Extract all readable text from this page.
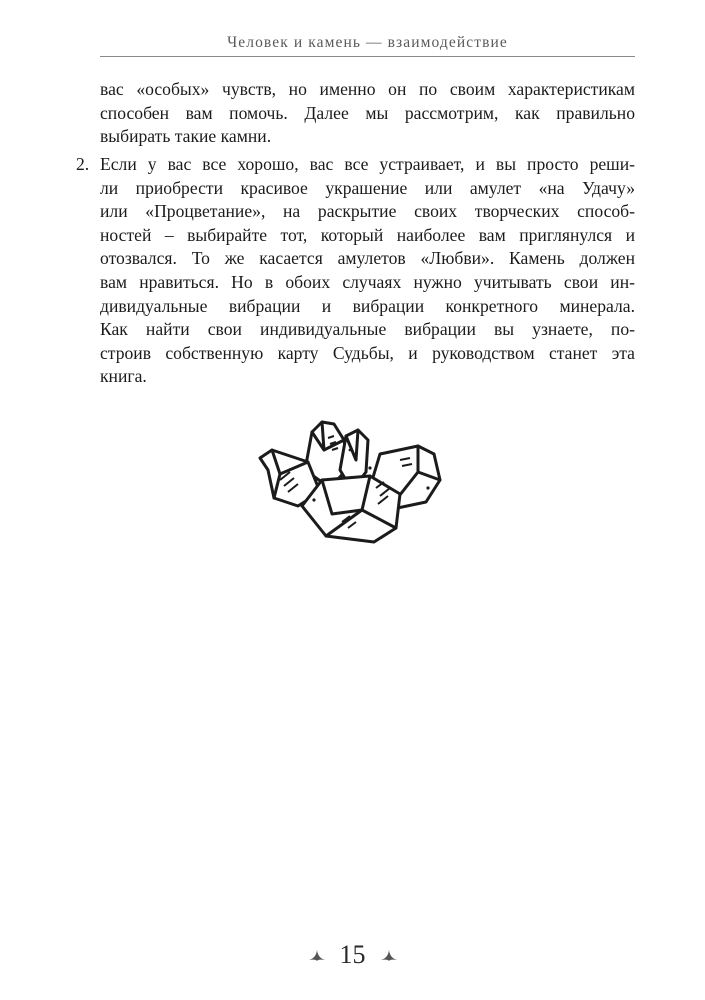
Человек и камень — взаимодействие
вас «особых» чувств, но именно он по своим характеристикам
способен вам помочь. Далее мы рассмотрим, как правильно
выбирать такие камни.
2. Если у вас все хорошо, вас все устраивает, и вы просто реши-
ли приобрести красивое украшение или амулет «на Удачу»
или «Процветание», на раскрытие своих творческих способ-
ностей – выбирайте тот, который наиболее вам приглянулся и
отозвался. То же касается амулетов «Любви». Камень должен
вам нравиться. Но в обоих случаях нужно учитывать свои ин-
дивидуальные вибрации и вибрации конкретного минерала.
Как найти свои индивидуальные вибрации вы узнаете, по-
строив собственную карту Судьбы, и руководством станет эта
книга.
15
